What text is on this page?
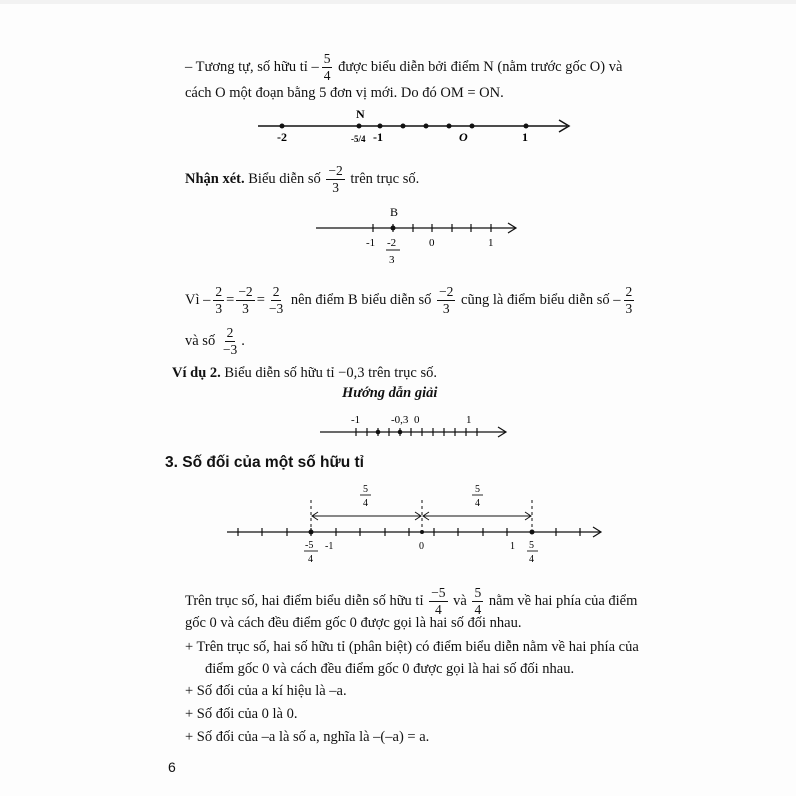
– Tương tự, số hữu tỉ – $\frac{5}{4}$ được biểu diễn bởi điểm N (nằm trước gốc O) và
cách O một đoạn bằng 5 đơn vị mới. Do đó OM = ON.
N
-2	-5/4 -1	O	1
Nhận xét. Biểu diễn số $\frac{-2}{3}$ trên trục số.
B
-1 -2
3
0	1
Vì – $\frac{2}{3} = \frac{-2}{3} = \frac{2}{-3}$ nên điểm B biểu diễn số $\frac{-2}{3}$ cũng là điểm biểu diễn số – $\frac{2}{3}$
và số $\frac{2}{-3}$ .
Ví dụ 2. Biểu diễn số hữu tỉ −0,3 trên trục số.
Hướng dẫn giải
-1	-0,3 0	1
3. Số đối của một số hữu tỉ
5
4
5
4
-5
4
-1	0	1 5
4
Trên trục số, hai điểm biểu diễn số hữu tỉ $\frac{-5}{4}$ và $\frac{5}{4}$ nằm về hai phía của điểm
gốc 0 và cách đều điểm gốc 0 được gọi là hai số đối nhau.
+ Trên trục số, hai số hữu tỉ (phân biệt) có điểm biểu diễn nằm về hai phía của
điểm gốc 0 và cách đều điểm gốc 0 được gọi là hai số đối nhau.
+ Số đối của a kí hiệu là –a.
+ Số đối của 0 là 0.
+ Số đối của –a là số a, nghĩa là –(–a) = a.
6
